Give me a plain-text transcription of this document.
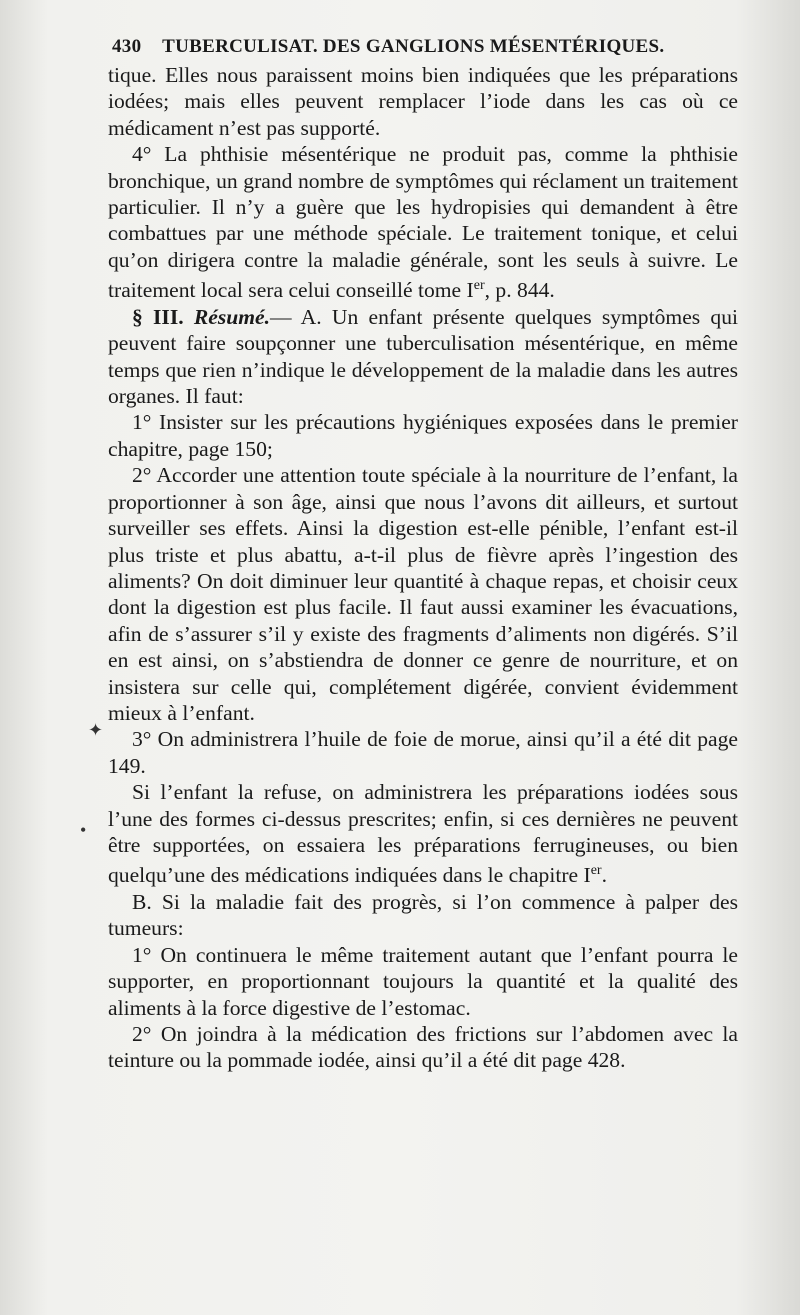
430 TUBERCULISAT. DES GANGLIONS MÉSENTÉRIQUES.

tique. Elles nous paraissent moins bien indiquées que les préparations iodées; mais elles peuvent remplacer l’iode dans les cas où ce médicament n’est pas supporté.

4° La phthisie mésentérique ne produit pas, comme la phthisie bronchique, un grand nombre de symptômes qui réclament un traitement particulier. Il n’y a guère que les hydropisies qui demandent à être combattues par une méthode spéciale. Le traitement tonique, et celui qu’on dirigera contre la maladie générale, sont les seuls à suivre. Le traitement local sera celui conseillé tome Ier, p. 844.

§ III. Résumé.— A. Un enfant présente quelques symptômes qui peuvent faire soupçonner une tuberculisation mésentérique, en même temps que rien n’indique le développement de la maladie dans les autres organes. Il faut:

1° Insister sur les précautions hygiéniques exposées dans le premier chapitre, page 150;

2° Accorder une attention toute spéciale à la nourriture de l’enfant, la proportionner à son âge, ainsi que nous l’avons dit ailleurs, et surtout surveiller ses effets. Ainsi la digestion est-elle pénible, l’enfant est-il plus triste et plus abattu, a-t-il plus de fièvre après l’ingestion des aliments? On doit diminuer leur quantité à chaque repas, et choisir ceux dont la digestion est plus facile. Il faut aussi examiner les évacuations, afin de s’assurer s’il y existe des fragments d’aliments non digérés. S’il en est ainsi, on s’abstiendra de donner ce genre de nourriture, et on insistera sur celle qui, complétement digérée, convient évidemment mieux à l’enfant.

3° On administrera l’huile de foie de morue, ainsi qu’il a été dit page 149.

Si l’enfant la refuse, on administrera les préparations iodées sous l’une des formes ci-dessus prescrites; enfin, si ces dernières ne peuvent être supportées, on essaiera les préparations ferrugineuses, ou bien quelqu’une des médications indiquées dans le chapitre Ier.

B. Si la maladie fait des progrès, si l’on commence à palper des tumeurs:

1° On continuera le même traitement autant que l’enfant pourra le supporter, en proportionnant toujours la quantité et la qualité des aliments à la force digestive de l’estomac.

2° On joindra à la médication des frictions sur l’abdomen avec la teinture ou la pommade iodée, ainsi qu’il a été dit page 428.

✦
•
